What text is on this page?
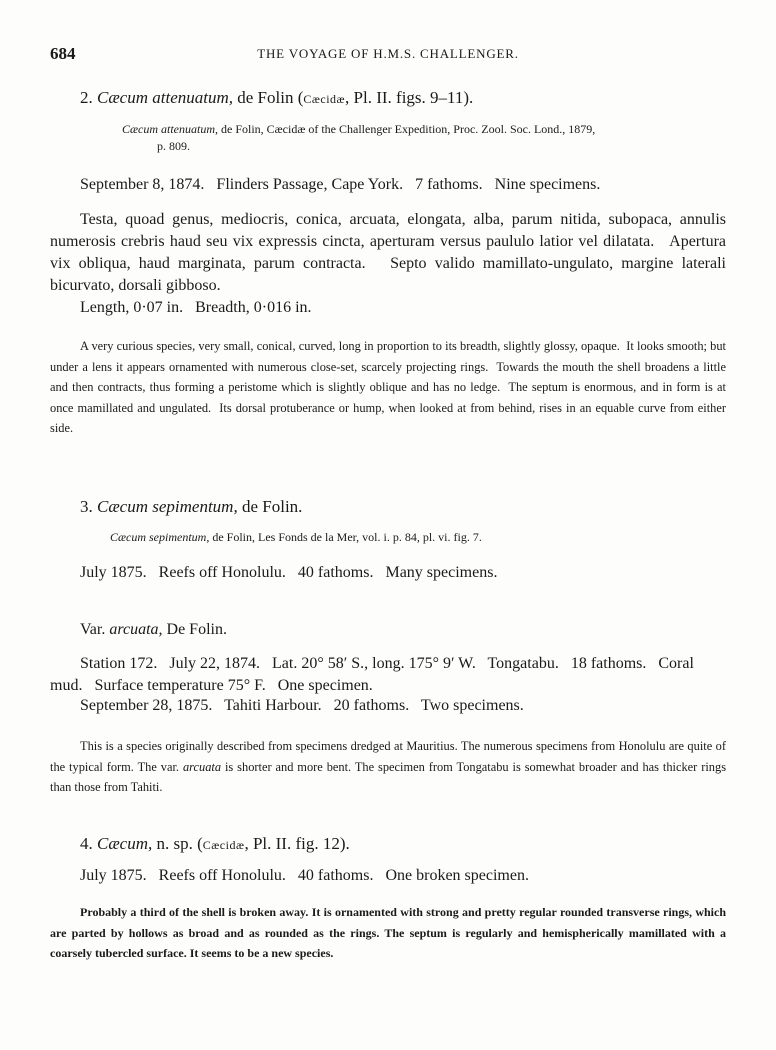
684	THE VOYAGE OF H.M.S. CHALLENGER.
2. Cæcum attenuatum, de Folin (Cæcidæ, Pl. II. figs. 9–11).
Cæcum attenuatum, de Folin, Cæcidæ of the Challenger Expedition, Proc. Zool. Soc. Lond., 1879,
p. 809.
September 8, 1874.   Flinders Passage, Cape York.   7 fathoms.   Nine specimens.
Testa, quoad genus, mediocris, conica, arcuata, elongata, alba, parum nitida, subopaca, annulis numerosis crebris haud seu vix expressis cincta, aperturam versus paululo latior vel dilatata.   Apertura vix obliqua, haud marginata, parum contracta.   Septo valido mamillato-ungulato, margine laterali bicurvato, dorsali gibboso.
Length, 0·07 in.   Breadth, 0·016 in.
A very curious species, very small, conical, curved, long in proportion to its breadth, slightly glossy, opaque.  It looks smooth; but under a lens it appears ornamented with numerous close-set, scarcely projecting rings.  Towards the mouth the shell broadens a little and then contracts, thus forming a peristome which is slightly oblique and has no ledge.  The septum is enormous, and in form is at once mamillated and ungulated.  Its dorsal protuberance or hump, when looked at from behind, rises in an equable curve from either side.
3. Cæcum sepimentum, de Folin.
Cæcum sepimentum, de Folin, Les Fonds de la Mer, vol. i. p. 84, pl. vi. fig. 7.
July 1875.   Reefs off Honolulu.   40 fathoms.   Many specimens.
Var. arcuata, De Folin.
Station 172.   July 22, 1874.   Lat. 20° 58′ S., long. 175° 9′ W.   Tongatabu.   18 fathoms.   Coral mud.   Surface temperature 75° F.   One specimen.
September 28, 1875.   Tahiti Harbour.   20 fathoms.   Two specimens.
This is a species originally described from specimens dredged at Mauritius. The numerous specimens from Honolulu are quite of the typical form. The var. arcuata is shorter and more bent. The specimen from Tongatabu is somewhat broader and has thicker rings than those from Tahiti.
4. Cæcum, n. sp. (Cæcidæ, Pl. II. fig. 12).
July 1875.   Reefs off Honolulu.   40 fathoms.   One broken specimen.
Probably a third of the shell is broken away. It is ornamented with strong and pretty regular rounded transverse rings, which are parted by hollows as broad and as rounded as the rings. The septum is regularly and hemispherically mamillated with a coarsely tubercled surface. It seems to be a new species.
